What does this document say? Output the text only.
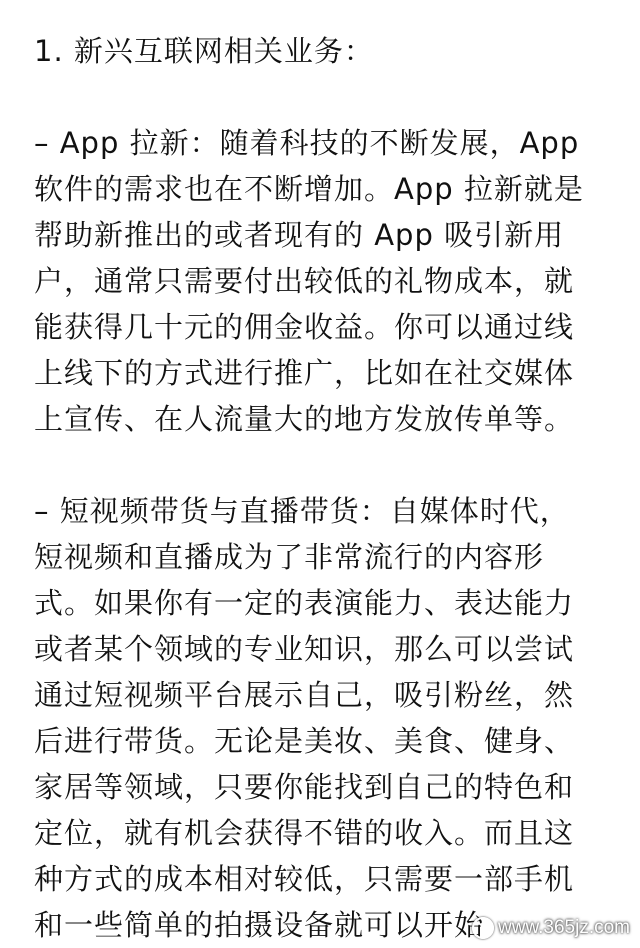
1. 新兴互联网相关业务：
– App 拉新：随着科技的不断发展，App
软件的需求也在不断增加。App 拉新就是
帮助新推出的或者现有的 App 吸引新用
户，通常只需要付出较低的礼物成本，就
能获得几十元的佣金收益。你可以通过线
上线下的方式进行推广，比如在社交媒体
上宣传、在人流量大的地方发放传单等。
– 短视频带货与直播带货：自媒体时代，
短视频和直播成为了非常流行的内容形
式。如果你有一定的表演能力、表达能力
或者某个领域的专业知识，那么可以尝试
通过短视频平台展示自己，吸引粉丝，然
后进行带货。无论是美妆、美食、健身、
家居等领域，只要你能找到自己的特色和
定位，就有机会获得不错的收入。而且这
种方式的成本相对较低，只需要一部手机
和一些简单的拍摄设备就可以开始 www.365jz.com
